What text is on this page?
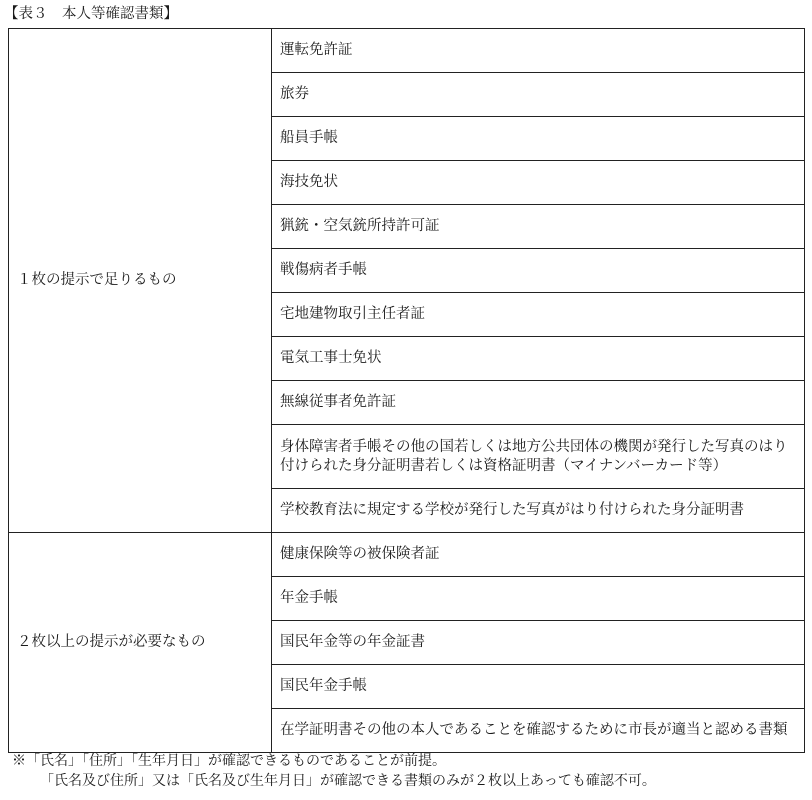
【表３　本人等確認書類】
１枚の提示で足りるもの	運転免許証
	旅券
	船員手帳
	海技免状
	猟銃・空気銃所持許可証
	戦傷病者手帳
	宅地建物取引主任者証
	電気工事士免状
	無線従事者免許証
	身体障害者手帳その他の国若しくは地方公共団体の機関が発行した写真のはり付けられた身分証明書若しくは資格証明書（マイナンバーカード等）
	学校教育法に規定する学校が発行した写真がはり付けられた身分証明書
２枚以上の提示が必要なもの	健康保険等の被保険者証
	年金手帳
	国民年金等の年金証書
	国民年金手帳
	在学証明書その他の本人であることを確認するために市長が適当と認める書類
※「氏名」「住所」「生年月日」が確認できるものであることが前提。
「氏名及び住所」又は「氏名及び生年月日」が確認できる書類のみが２枚以上あっても確認不可。
